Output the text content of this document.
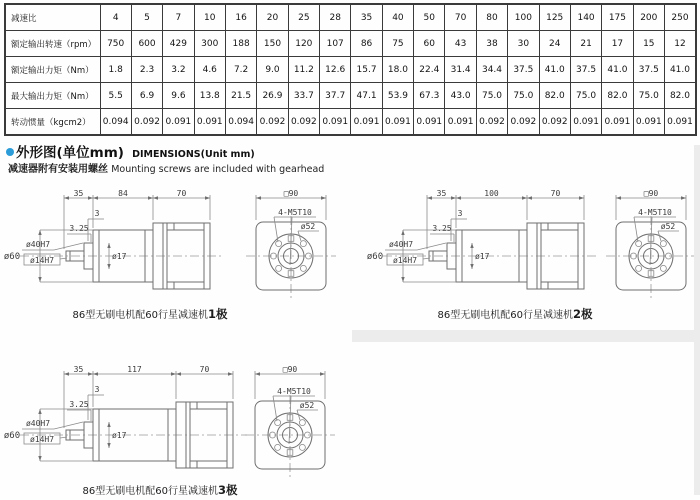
减速比	4	5	7	10	16	20	25	28	35	40	50	70	80	100	125	140	175	200	250
额定输出转速（rpm）	750	600	429	300	188	150	120	107	86	75	60	43	38	30	24	21	17	15	12
额定输出力矩（Nm）	1.8	2.3	3.2	4.6	7.2	9.0	11.2	12.6	15.7	18.0	22.4	31.4	34.4	37.5	41.0	37.5	41.0	37.5	41.0
最大输出力矩（Nm）	5.5	6.9	9.6	13.8	21.5	26.9	33.7	37.7	47.1	53.9	67.3	43.0	75.0	75.0	82.0	75.0	82.0	75.0	82.0
转动惯量（kgcm2）	0.094	0.092	0.091	0.091	0.094	0.092	0.092	0.091	0.091	0.091	0.091	0.091	0.092	0.092	0.092	0.091	0.091	0.091	0.091
外形图(单位mm) DIMENSIONS(Unit mm)
减速器附有安装用螺丝 Mounting screws are included with gearhead
35	84	70
3
3.25
ø17
ø60
ø40H7
ø14H7
□90
4-M5T10
ø52
35	100	70
3
3.25
ø17
ø60
ø40H7
ø14H7
□90
4-M5T10
ø52
35	117	70
3
3.25
ø17
ø60
ø40H7
ø14H7
□90
4-M5T10
ø52
86型无刷电机配60行星减速机1极	86型无刷电机配60行星减速机2极
86型无刷电机配60行星减速机3极
